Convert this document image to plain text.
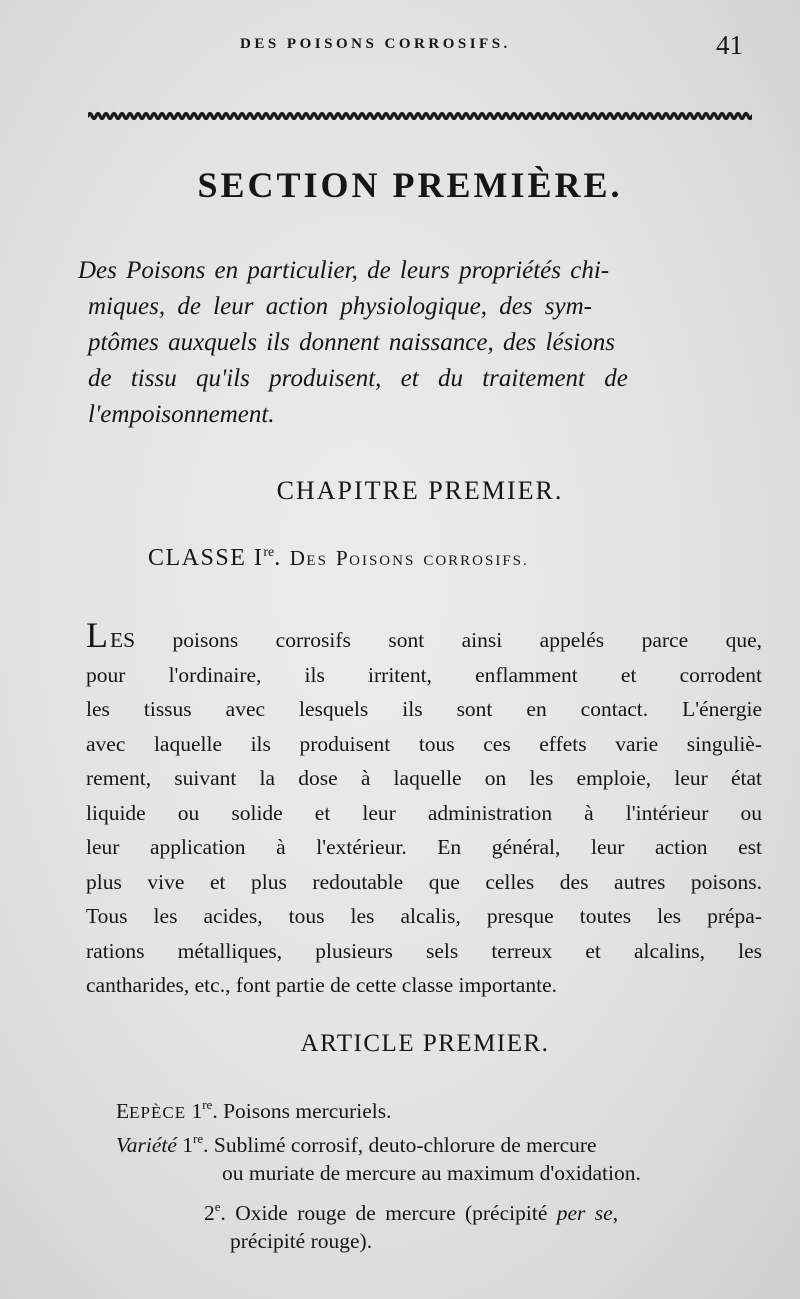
DES POISONS CORROSIFS.	41
SECTION PREMIÈRE.
Des Poisons en particulier, de leurs propriétés chi-
miques, de leur action physiologique, des sym-
ptômes auxquels ils donnent naissance, des lésions
de tissu qu'ils produisent, et du traitement de
l'empoisonnement.
CHAPITRE PREMIER.
CLASSE Ire. DES POISONS CORROSIFS.
LES poisons corrosifs sont ainsi appelés parce que,
pour l'ordinaire, ils irritent, enflamment et corrodent
les tissus avec lesquels ils sont en contact. L'énergie
avec laquelle ils produisent tous ces effets varie singuliè-
rement, suivant la dose à laquelle on les emploie, leur état
liquide ou solide et leur administration à l'intérieur ou
leur application à l'extérieur. En général, leur action est
plus vive et plus redoutable que celles des autres poisons.
Tous les acides, tous les alcalis, presque toutes les prépa-
rations métalliques, plusieurs sels terreux et alcalins, les
cantharides, etc., font partie de cette classe importante.
ARTICLE PREMIER.
EEPÈCE 1re. Poisons mercuriels.
Variété 1re. Sublimé corrosif, deuto-chlorure de mercure
ou muriate de mercure au maximum d'oxidation.
2e. Oxide rouge de mercure (précipité per se,
précipité rouge).
